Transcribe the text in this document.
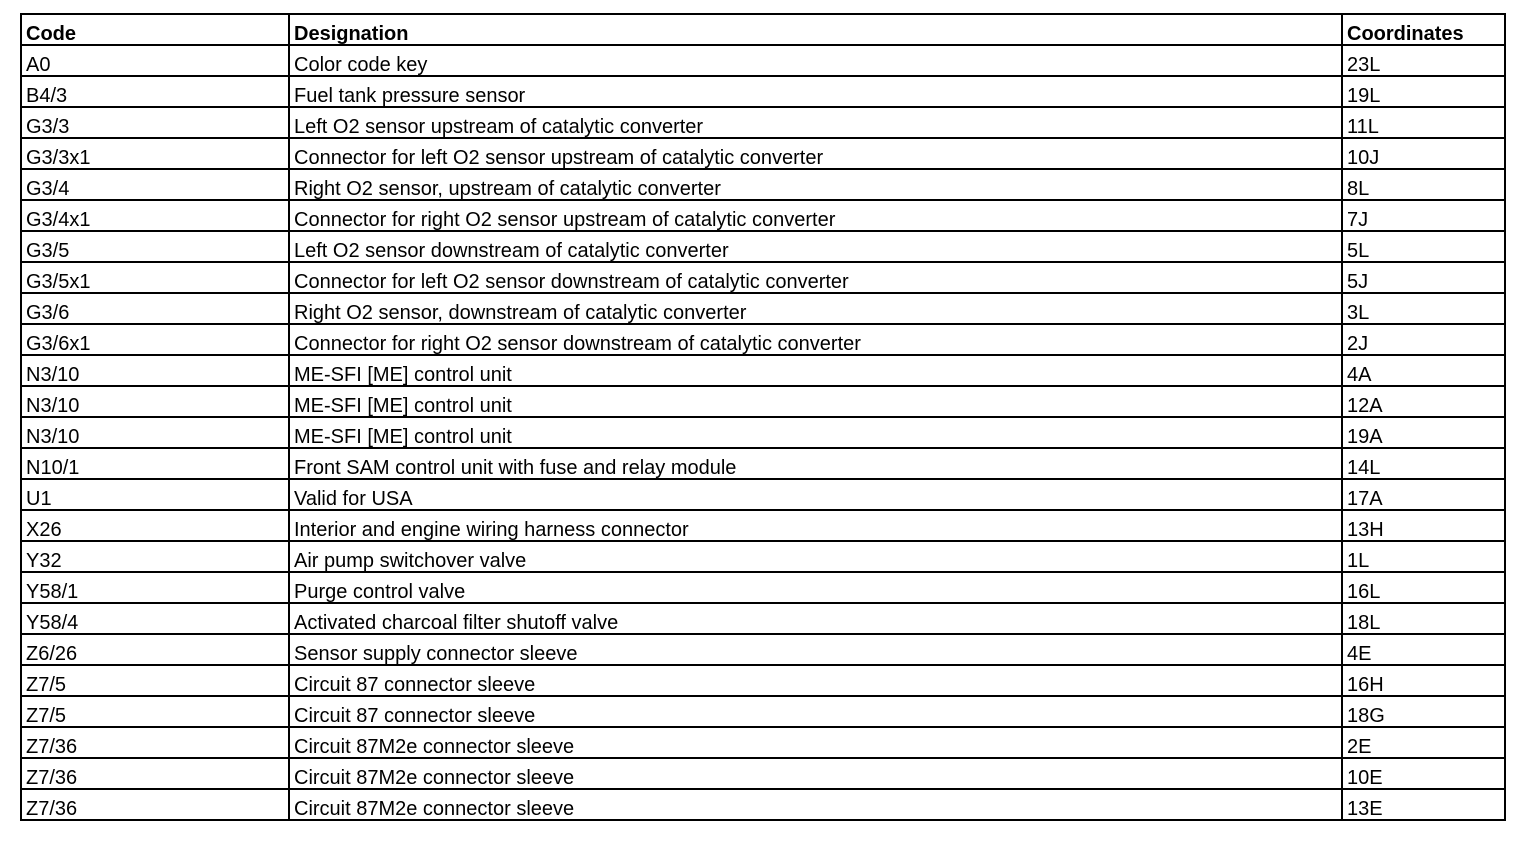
Code	Designation	Coordinates
A0	Color code key	23L
B4/3	Fuel tank pressure sensor	19L
G3/3	Left O2 sensor upstream of catalytic converter	11L
G3/3x1	Connector for left O2 sensor upstream of catalytic converter	10J
G3/4	Right O2 sensor, upstream of catalytic converter	8L
G3/4x1	Connector for right O2 sensor upstream of catalytic converter	7J
G3/5	Left O2 sensor downstream of catalytic converter	5L
G3/5x1	Connector for left O2 sensor downstream of catalytic converter	5J
G3/6	Right O2 sensor, downstream of catalytic converter	3L
G3/6x1	Connector for right O2 sensor downstream of catalytic converter	2J
N3/10	ME-SFI [ME] control unit	4A
N3/10	ME-SFI [ME] control unit	12A
N3/10	ME-SFI [ME] control unit	19A
N10/1	Front SAM control unit with fuse and relay module	14L
U1	Valid for USA	17A
X26	Interior and engine wiring harness connector	13H
Y32	Air pump switchover valve	1L
Y58/1	Purge control valve	16L
Y58/4	Activated charcoal filter shutoff valve	18L
Z6/26	Sensor supply connector sleeve	4E
Z7/5	Circuit 87 connector sleeve	16H
Z7/5	Circuit 87 connector sleeve	18G
Z7/36	Circuit 87M2e connector sleeve	2E
Z7/36	Circuit 87M2e connector sleeve	10E
Z7/36	Circuit 87M2e connector sleeve	13E
